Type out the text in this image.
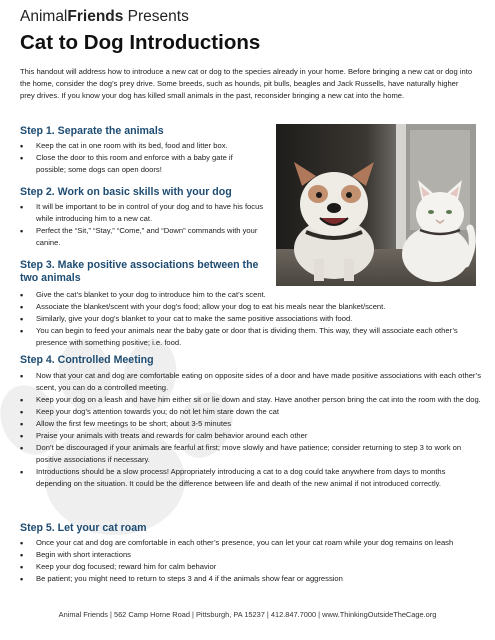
AnimalFriends Presents
Cat to Dog Introductions
This handout will address how to introduce a new cat or dog to the species already in your home. Before bringing a new cat or dog into the home, consider the dog’s prey drive. Some breeds, such as hounds, pit bulls, beagles and Jack Russells, have naturally higher prey drives. If you know your dog has killed small animals in the past, reconsider bringing a new cat into the home.
Step 1. Separate the animals
• Keep the cat in one room with its bed, food and litter box.
• Close the door to this room and enforce with a baby gate if possible; some dogs can open doors!
Step 2. Work on basic skills with your dog
• It will be important to be in control of your dog and to have his focus while introducing him to a new cat.
• Perfect the “Sit,” “Stay,” “Come,” and “Down” commands with your canine.
Step 3. Make positive associations between the two animals
• Give the cat’s blanket to your dog to introduce him to the cat’s scent.
• Associate the blanket/scent with your dog’s food; allow your dog to eat his meals near the blanket/scent.
• Similarly, give your dog’s blanket to your cat to make the same positive associations with food.
• You can begin to feed your animals near the baby gate or door that is dividing them. This way, they will associate each other’s presence with something positive; i.e. food.
Step 4. Controlled Meeting
• Now that your cat and dog are comfortable eating on opposite sides of a door and have made positive associations with each other’s scent, you can do a controlled meeting.
• Keep your dog on a leash and have him either sit or lie down and stay. Have another person bring the cat into the room with the dog.
• Keep your dog’s attention towards you; do not let him stare down the cat
• Allow the first few meetings to be short; about 3-5 minutes
• Praise your animals with treats and rewards for calm behavior around each other
• Don’t be discouraged if your animals are fearful at first; move slowly and have patience; consider returning to step 3 to work on positive associations if necessary.
• Introductions should be a slow process! Appropriately introducing a cat to a dog could take anywhere from days to months depending on the situation. It could be the difference between life and death of the new animal if not introduced correctly.
Step 5. Let your cat roam
• Once your cat and dog are comfortable in each other’s presence, you can let your cat roam while your dog remains on leash
• Begin with short interactions
• Keep your dog focused; reward him for calm behavior
• Be patient; you might need to return to steps 3 and 4 if the animals show fear or aggression
Animal Friends | 562 Camp Horne Road | Pittsburgh, PA 15237 | 412.847.7000 | www.ThinkingOutsideTheCage.org
